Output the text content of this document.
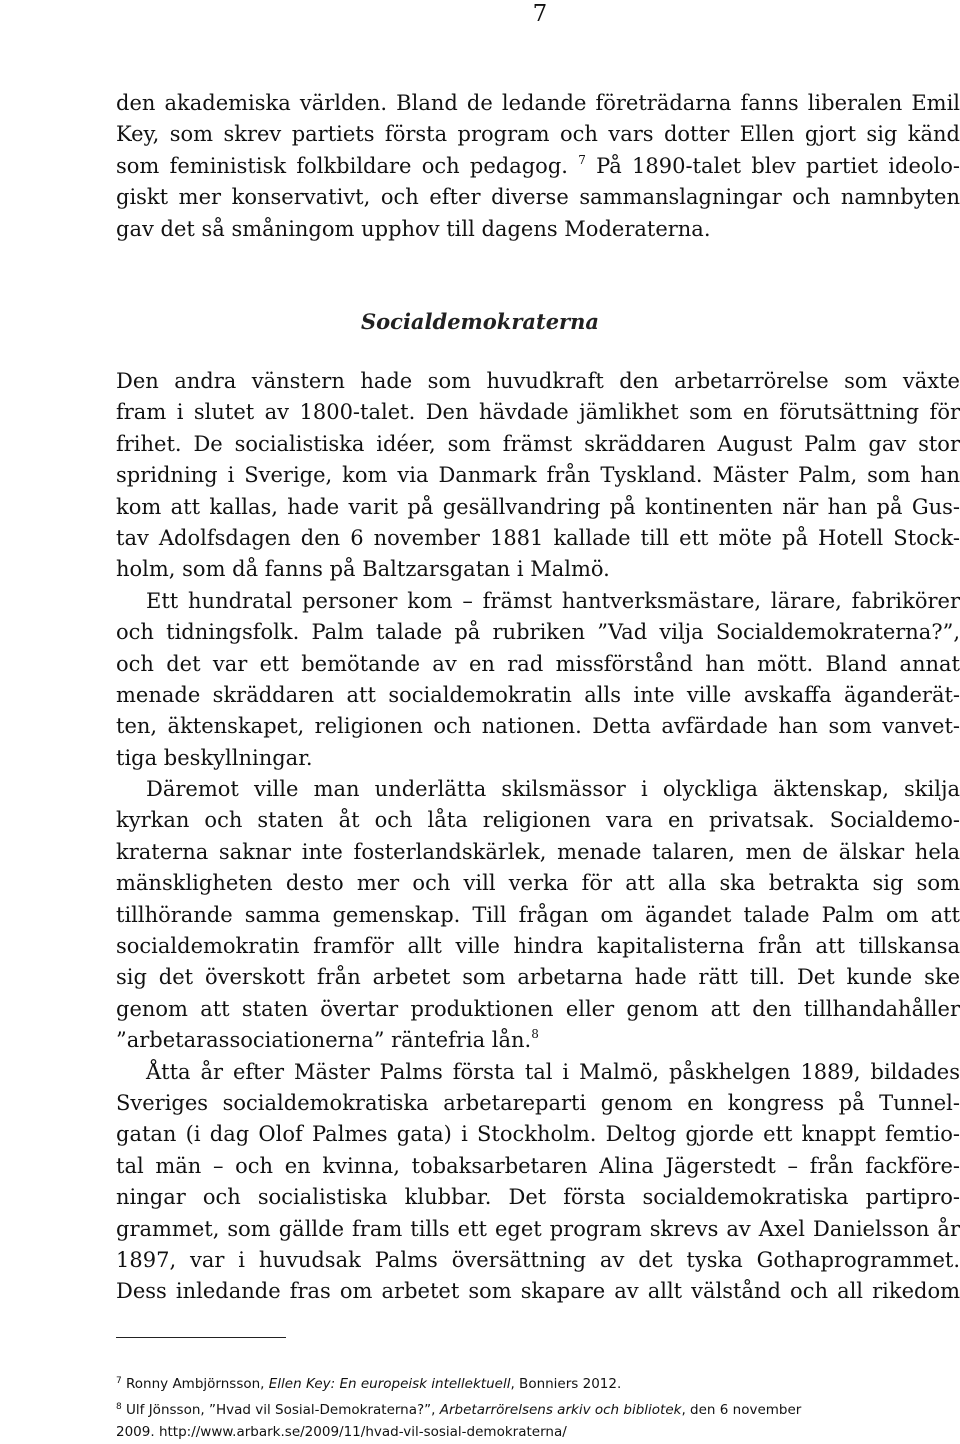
7
den akademiska världen. Bland de ledande företrädarna fanns liberalen Emil
Key, som skrev partiets första program och vars dotter Ellen gjort sig känd
som feministisk folkbildare och pedagog. $^7$ På 1890-talet blev partiet ideolo-
giskt mer konservativt, och efter diverse sammanslagningar och namnbyten
gav det så småningom upphov till dagens Moderaterna.
Socialdemokraterna
Den andra vänstern hade som huvudkraft den arbetarrörelse som växte
fram i slutet av 1800-talet. Den hävdade jämlikhet som en förutsättning för
frihet. De socialistiska idéer, som främst skräddaren August Palm gav stor
spridning i Sverige, kom via Danmark från Tyskland. Mäster Palm, som han
kom att kallas, hade varit på gesällvandring på kontinenten när han på Gus-
tav Adolfsdagen den 6 november 1881 kallade till ett möte på Hotell Stock-
holm, som då fanns på Baltzarsgatan i Malmö.
Ett hundratal personer kom – främst hantverksmästare, lärare, fabrikörer
och tidningsfolk. Palm talade på rubriken ”Vad vilja Socialdemokraterna?”,
och det var ett bemötande av en rad missförstånd han mött. Bland annat
menade skräddaren att socialdemokratin alls inte ville avskaffa äganderät-
ten, äktenskapet, religionen och nationen. Detta avfärdade han som vanvet-
tiga beskyllningar.
Däremot ville man underlätta skilsmässor i olyckliga äktenskap, skilja
kyrkan och staten åt och låta religionen vara en privatsak. Socialdemo-
kraterna saknar inte fosterlandskärlek, menade talaren, men de älskar hela
mänskligheten desto mer och vill verka för att alla ska betrakta sig som
tillhörande samma gemenskap. Till frågan om ägandet talade Palm om att
socialdemokratin framför allt ville hindra kapitalisterna från att tillskansa
sig det överskott från arbetet som arbetarna hade rätt till. Det kunde ske
genom att staten övertar produktionen eller genom att den tillhandahåller
”arbetarassociationerna” räntefria lån.$^8$
Åtta år efter Mäster Palms första tal i Malmö, påskhelgen 1889, bildades
Sveriges socialdemokratiska arbetareparti genom en kongress på Tunnel-
gatan (i dag Olof Palmes gata) i Stockholm. Deltog gjorde ett knappt femtio-
tal män – och en kvinna, tobaksarbetaren Alina Jägerstedt – från fackföre-
ningar och socialistiska klubbar. Det första socialdemokratiska partipro-
grammet, som gällde fram tills ett eget program skrevs av Axel Danielsson år
1897, var i huvudsak Palms översättning av det tyska Gothaprogrammet.
Dess inledande fras om arbetet som skapare av allt välstånd och all rikedom
$^7$ Ronny Ambjörnsson, Ellen Key: En europeisk intellektuell, Bonniers 2012.
$^8$ Ulf Jönsson, ”Hvad vil Sosial-Demokraterna?”, Arbetarrörelsens arkiv och bibliotek, den 6 november
2009. http://www.arbark.se/2009/11/hvad-vil-sosial-demokraterna/
